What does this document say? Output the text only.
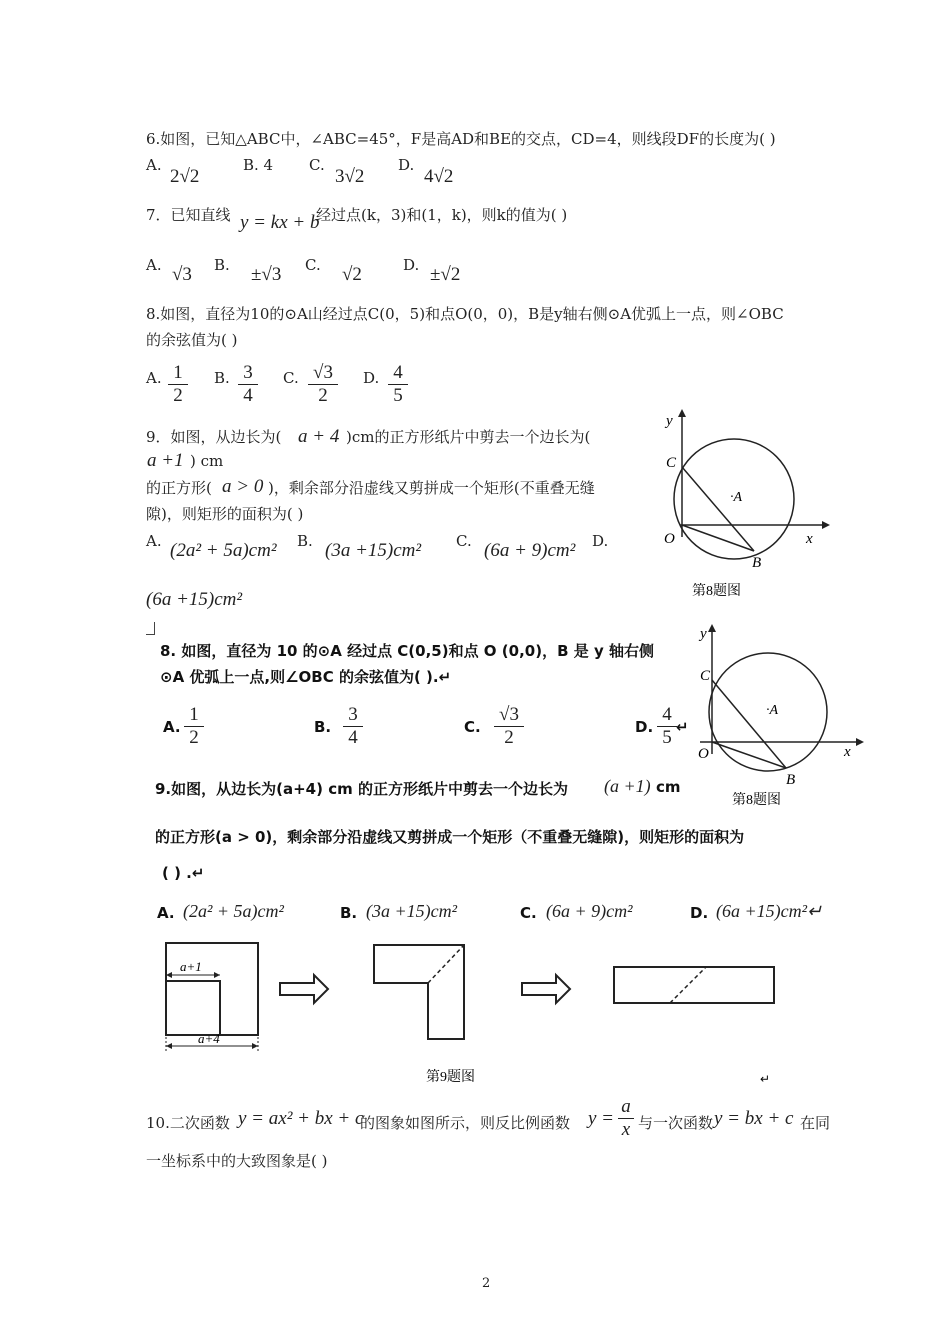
6.如图，已知△ABC中，∠ABC=45°，F是高AD和BE的交点，CD=4，则线段DF的长度为( )
A.
2√2
B. 4 C.
3√2
D.
4√2
7．已知直线 y = kx + b
经过点(k，3)和(1，k)，则k的值为( )
A. √3 B. ±√3 C. √2	D. ±√2
8.如图，直径为10的⊙A山经过点C(0，5)和点O(0，0)，B是y轴右侧⊙A优弧上一点，则∠OBC
的余弦值为( )
A. $\frac{1}{2} B$. $\frac{3}{4} C$. $\frac{√3}{2} D$. $\frac{4}{5}$
9．如图，从边长为( a + 4 )cm的正方形纸片中剪去一个边长为(
a +1 ) cm
的正方形( a > 0 )，剩余部分沿虚线又剪拼成一个矩形(不重叠无缝
隙)，则矩形的面积为( )
A. (2a² + 5a)cm² B. (3a +15)cm² C. (6a + 9)cm² D.
(6a +15)cm²
y
C
·A
O	x
B
第8题图
8. 如图，直径为 10 的⊙A 经过点 C(0,5)和点 O (0,0)，B 是 y 轴右侧
⊙A 优弧上一点,则∠OBC 的余弦值为( ).↵
A. $\frac{1}{2}$	B. $\frac{3}{4}$	C. $\frac{√3}{2}$	D. $\frac{4}{5}$ ↵
y
C
·A
O	x
B
第8题图
9.如图，从边长为(a+4) cm 的正方形纸片中剪去一个边长为 (a +1) cm
的正方形(a > 0)，剩余部分沿虚线又剪拼成一个矩形（不重叠无缝隙)，则矩形的面积为
( ) .↵
A. (2a² + 5a)cm²	B. (3a +15)cm²	C. (6a + 9)cm²	D. (6a +15)cm²↵
a+1
a+4
第9题图	↵
10.二次函数 y = ax² + bx + c
的图象如图所示，则反比例函数 $y = \frac{a}{x}$ 与一次函数 y = bx + c 在同
一坐标系中的大致图象是( )
2
